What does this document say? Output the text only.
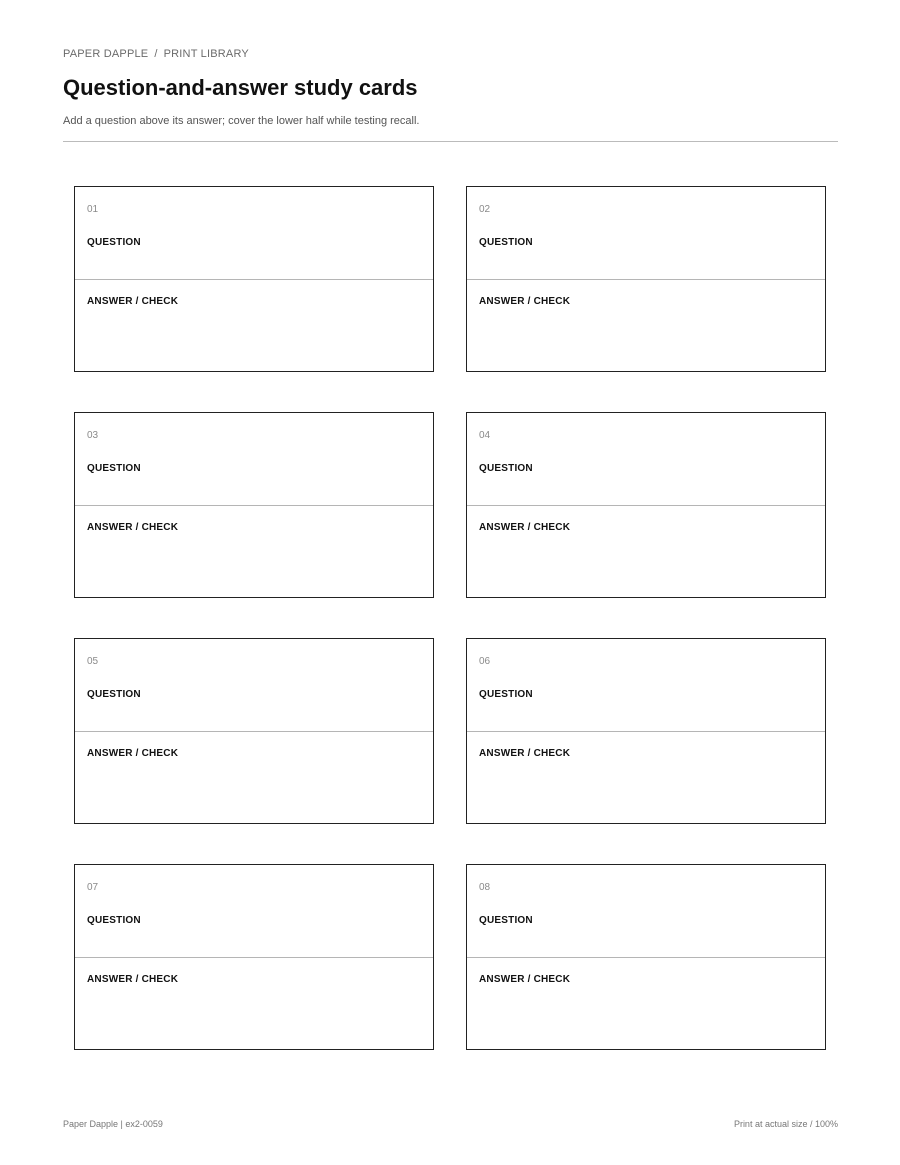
PAPER DAPPLE / PRINT LIBRARY
Question-and-answer study cards

Add a question above its answer; cover the lower half while testing recall.

01
QUESTION
ANSWER / CHECK
02
QUESTION
ANSWER / CHECK
03
QUESTION
ANSWER / CHECK
04
QUESTION
ANSWER / CHECK
05
QUESTION
ANSWER / CHECK
06
QUESTION
ANSWER / CHECK
07
QUESTION
ANSWER / CHECK
08
QUESTION
ANSWER / CHECK
Paper Dapple | ex2-0059	Print at actual size / 100%
